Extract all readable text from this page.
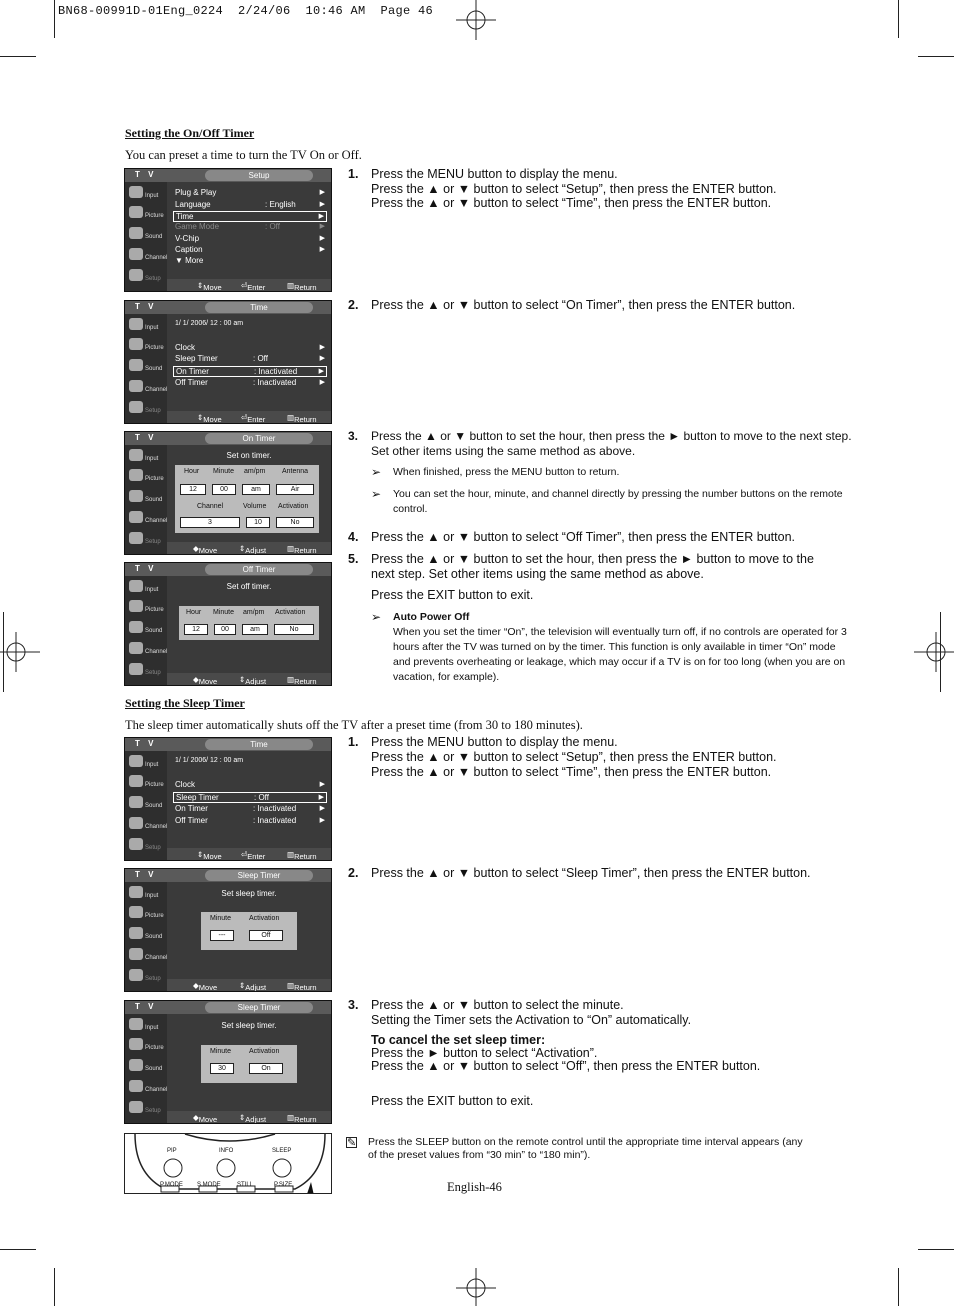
BN68-00991D-01Eng_0224  2/24/06  10:46 AM  Page 46
Setting the On/Off Timer
You can preset a time to turn the TV On or Off.
T V	Setup
Input
Picture
Sound
Channel
Setup
Plug & Play	▶
Language	: English	▶
Time	▶
Game Mode	: Off	▶
V-Chip	▶
Caption	▶
▼ More
⇕ Move	⏎ Enter	▥ Return
T V	Time
Input
Picture
Sound
Channel
Setup
1/ 1/ 2006/ 12 : 00 am
Clock	▶
Sleep Timer	: Off	▶
On Timer	: Inactivated	▶
Off Timer	: Inactivated	▶
⇕ Move	⏎ Enter	▥ Return
T V	On Timer
Input
Picture
Sound
Channel
Setup
Set on timer.
Hour Minute am/pm Antenna
12	00	am	Air
Channel	Volume Activation
3	10	No
◆ Move	⇕ Adjust	▥ Return
T V	Off Timer
Input
Picture
Sound
Channel
Setup
Set off timer.
Hour Minute am/pm Activation
12	00	am	No
◆ Move	⇕ Adjust	▥ Return
1. Press the MENU button to display the menu.
Press the ▲ or ▼ button to select “Setup”, then press the ENTER button.
Press the ▲ or ▼ button to select “Time”, then press the ENTER button.
2. Press the ▲ or ▼ button to select “On Timer”, then press the ENTER button.
3. Press the ▲ or ▼ button to set the hour, then press the ► button to move to the next step.
Set other items using the same method as above.
➢ When finished, press the MENU button to return.
➢ You can set the hour, minute, and channel directly by pressing the number buttons on the remote control.
4. Press the ▲ or ▼ button to select “Off Timer”, then press the ENTER button.
5. Press the ▲ or ▼ button to set the hour, then press the ► button to move to the
next step. Set other items using the same method as above.
Press the EXIT button to exit.
➢ Auto Power Off
When you set the timer “On”, the television will eventually turn off, if no controls are operated for 3 hours after the TV was turned on by the timer. This function is only available in timer “On” mode and prevents overheating or leakage, which may occur if a TV is on for too long (when you are on vacation, for example).
Setting the Sleep Timer
The sleep timer automatically shuts off the TV after a preset time (from 30 to 180 minutes).
T V	Time
Input
Picture
Sound
Channel
Setup
1/ 1/ 2006/ 12 : 00 am
Clock	▶
Sleep Timer	: Off	▶
On Timer	: Inactivated	▶
Off Timer	: Inactivated	▶
⇕ Move	⏎ Enter	▥ Return
T V	Sleep Timer
Input
Picture
Sound
Channel
Setup
Set sleep timer.
Minute	Activation
---	Off
◆ Move	⇕ Adjust	▥ Return
T V	Sleep Timer
Input
Picture
Sound
Channel
Setup
Set sleep timer.
Minute	Activation
30	On
◆ Move	⇕ Adjust	▥ Return
PIP	INFO	SLEEP
P.MODE S.MODE	STILL	P.SIZE
1. Press the MENU button to display the menu.
Press the ▲ or ▼ button to select “Setup”, then press the ENTER button.
Press the ▲ or ▼ button to select “Time”, then press the ENTER button.
2. Press the ▲ or ▼ button to select “Sleep Timer”, then press the ENTER button.
3. Press the ▲ or ▼ button to select the minute.
Setting the Timer sets the Activation to “On” automatically.
To cancel the set sleep timer:
Press the ► button to select “Activation”.
Press the ▲ or ▼ button to select “Off”, then press the ENTER button.
Press the EXIT button to exit.
✎ Press the SLEEP button on the remote control until the appropriate time interval appears (any of the preset values from “30 min” to “180 min”).
English-46
